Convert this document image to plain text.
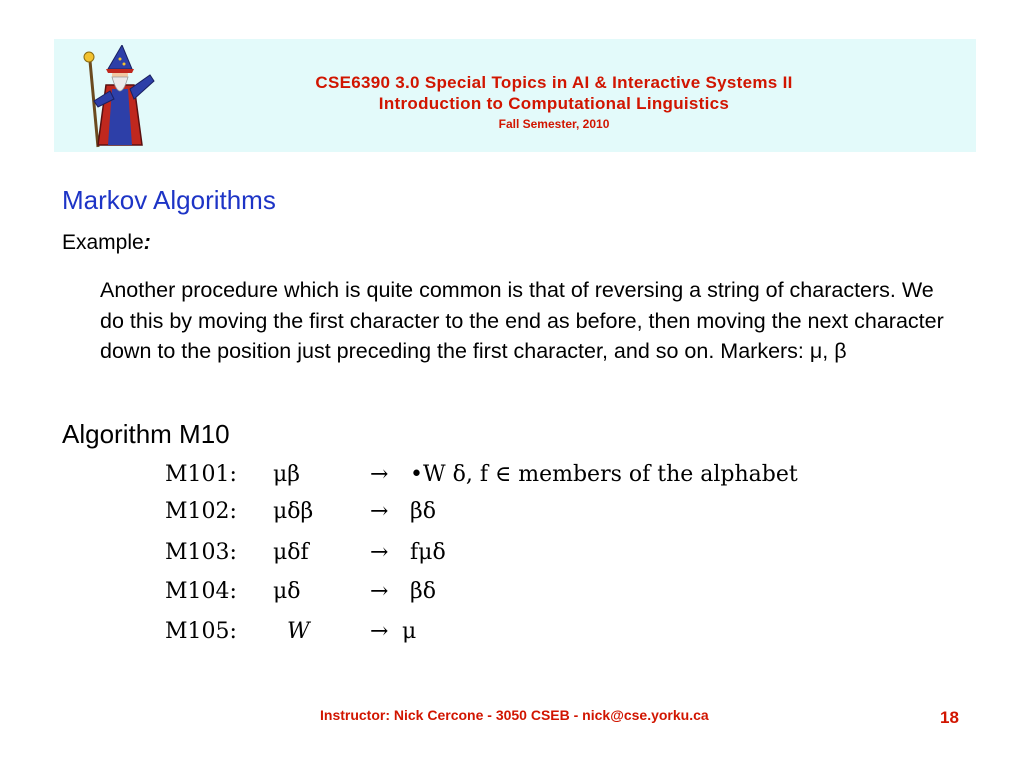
CSE6390 3.0 Special Topics in AI & Interactive Systems II
Introduction to Computational Linguistics
Fall Semester, 2010
Markov Algorithms
Example:
Another procedure which is quite common is that of reversing a string of characters. We do this by moving the first character to the end as before, then moving the next character down to the position just preceding the first character, and so on. Markers: μ, β
Algorithm M10
M101: μβ	→ •W δ, f ∈ members of the alphabet
M102: μδβ	→ βδ
M103: μδf	→ fμδ
M104: μδ	→ βδ
M105: W	→ μ
Instructor: Nick Cercone - 3050 CSEB - nick@cse.yorku.ca	18
